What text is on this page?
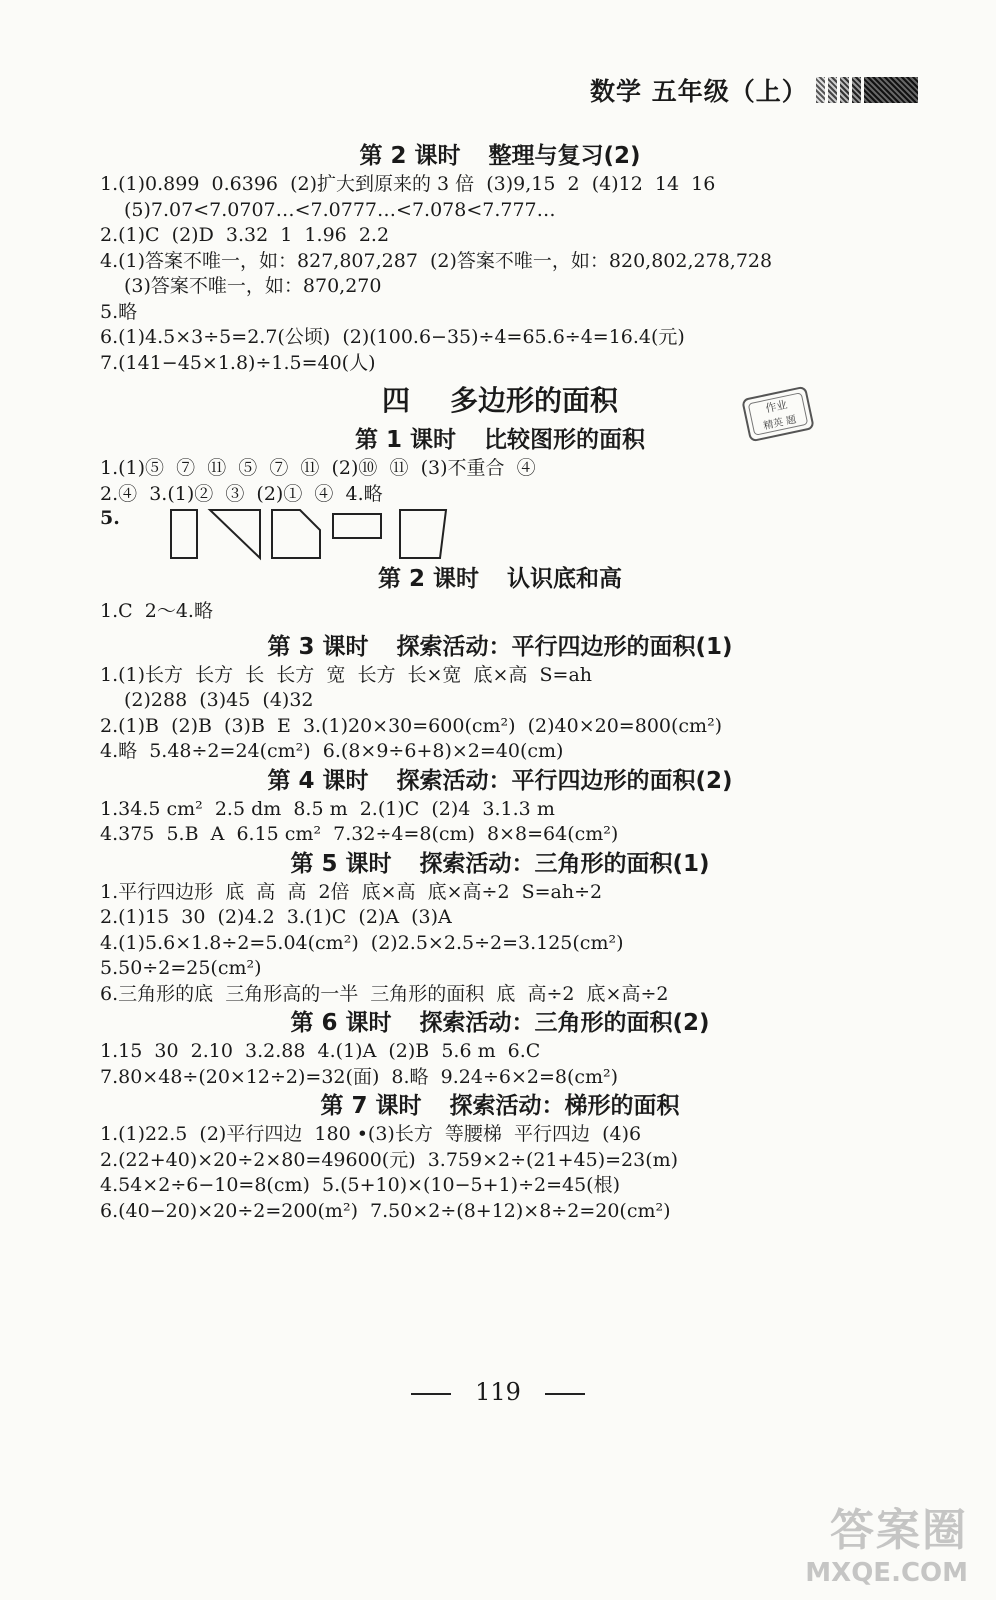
数学 五年级（上）
作业
精英 题
第 2 课时 整理与复习(2)
1.(1)0.899  0.6396  (2)扩大到原来的 3 倍  (3)9,15  2  (4)12  14  16
(5)7.07<7.0707…<7.0777…<7.078<7.777…
2.(1)C  (2)D  3.32  1  1.96  2.2
4.(1)答案不唯一，如：827,807,287  (2)答案不唯一，如：820,802,278,728
(3)答案不唯一，如：870,270
5.略
6.(1)4.5×3÷5=2.7(公顷)  (2)(100.6−35)÷4=65.6÷4=16.4(元)
7.(141−45×1.8)÷1.5=40(人)
四 多边形的面积
第 1 课时 比较图形的面积
1.(1)⑤  ⑦  ⑪  ⑤  ⑦  ⑪  (2)⑩  ⑪  (3)不重合  ④
2.④  3.(1)②  ③  (2)①  ④  4.略
5.
第 2 课时 认识底和高
1.C  2～4.略
第 3 课时 探索活动：平行四边形的面积(1)
1.(1)长方  长方  长  长方  宽  长方  长×宽  底×高  S=ah
(2)288  (3)45  (4)32
2.(1)B  (2)B  (3)B  E  3.(1)20×30=600(cm²)  (2)40×20=800(cm²)
4.略  5.48÷2=24(cm²)  6.(8×9÷6+8)×2=40(cm)
第 4 课时 探索活动：平行四边形的面积(2)
1.34.5 cm²  2.5 dm  8.5 m  2.(1)C  (2)4  3.1.3 m
4.375  5.B  A  6.15 cm²  7.32÷4=8(cm)  8×8=64(cm²)
第 5 课时 探索活动：三角形的面积(1)
1.平行四边形  底  高  高  2倍  底×高  底×高÷2  S=ah÷2
2.(1)15  30  (2)4.2  3.(1)C  (2)A  (3)A
4.(1)5.6×1.8÷2=5.04(cm²)  (2)2.5×2.5÷2=3.125(cm²)
5.50÷2=25(cm²)
6.三角形的底  三角形高的一半  三角形的面积  底  高÷2  底×高÷2
第 6 课时 探索活动：三角形的面积(2)
1.15  30  2.10  3.2.88  4.(1)A  (2)B  5.6 m  6.C
7.80×48÷(20×12÷2)=32(面)  8.略  9.24÷6×2=8(cm²)
第 7 课时 探索活动：梯形的面积
1.(1)22.5  (2)平行四边  180 •(3)长方  等腰梯  平行四边  (4)6
2.(22+40)×20÷2×80=49600(元)  3.759×2÷(21+45)=23(m)
4.54×2÷6−10=8(cm)  5.(5+10)×(10−5+1)÷2=45(根)
6.(40−20)×20÷2=200(m²)  7.50×2÷(8+12)×8÷2=20(cm²)
119
答案圈
MXQE.COM
